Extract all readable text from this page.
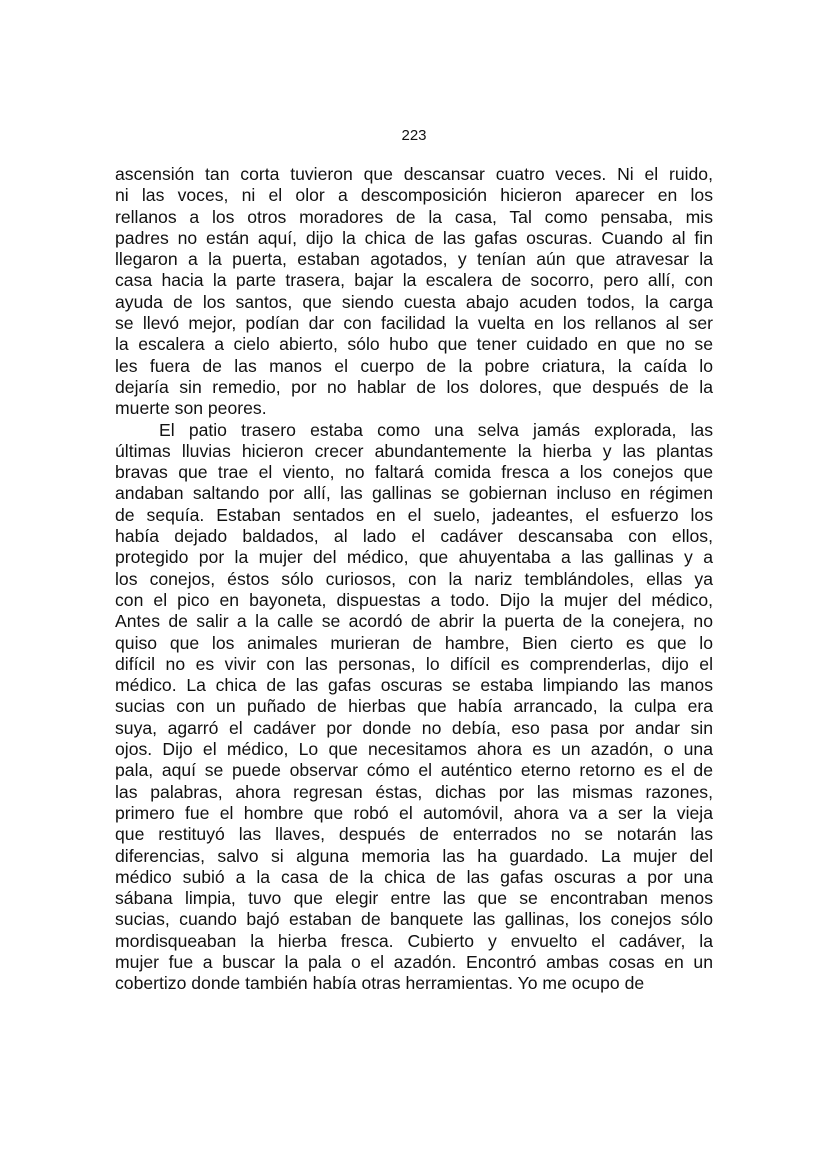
223
ascensión tan corta tuvieron que descansar cuatro veces. Ni el ruido,
ni las voces, ni el olor a descomposición hicieron aparecer en los
rellanos a los otros moradores de la casa, Tal como pensaba, mis
padres no están aquí, dijo la chica de las gafas oscuras. Cuando al fin
llegaron a la puerta, estaban agotados, y tenían aún que atravesar la
casa hacia la parte trasera, bajar la escalera de socorro, pero allí, con
ayuda de los santos, que siendo cuesta abajo acuden todos, la carga
se llevó mejor, podían dar con facilidad la vuelta en los rellanos al ser
la escalera a cielo abierto, sólo hubo que tener cuidado en que no se
les fuera de las manos el cuerpo de la pobre criatura, la caída lo
dejaría sin remedio, por no hablar de los dolores, que después de la
muerte son peores.
El patio trasero estaba como una selva jamás explorada, las
últimas lluvias hicieron crecer abundantemente la hierba y las plantas
bravas que trae el viento, no faltará comida fresca a los conejos que
andaban saltando por allí, las gallinas se gobiernan incluso en régimen
de sequía. Estaban sentados en el suelo, jadeantes, el esfuerzo los
había dejado baldados, al lado el cadáver descansaba con ellos,
protegido por la mujer del médico, que ahuyentaba a las gallinas y a
los conejos, éstos sólo curiosos, con la nariz temblándoles, ellas ya
con el pico en bayoneta, dispuestas a todo. Dijo la mujer del médico,
Antes de salir a la calle se acordó de abrir la puerta de la conejera, no
quiso que los animales murieran de hambre, Bien cierto es que lo
difícil no es vivir con las personas, lo difícil es comprenderlas, dijo el
médico. La chica de las gafas oscuras se estaba limpiando las manos
sucias con un puñado de hierbas que había arrancado, la culpa era
suya, agarró el cadáver por donde no debía, eso pasa por andar sin
ojos. Dijo el médico, Lo que necesitamos ahora es un azadón, o una
pala, aquí se puede observar cómo el auténtico eterno retorno es el de
las palabras, ahora regresan éstas, dichas por las mismas razones,
primero fue el hombre que robó el automóvil, ahora va a ser la vieja
que restituyó las llaves, después de enterrados no se notarán las
diferencias, salvo si alguna memoria las ha guardado. La mujer del
médico subió a la casa de la chica de las gafas oscuras a por una
sábana limpia, tuvo que elegir entre las que se encontraban menos
sucias, cuando bajó estaban de banquete las gallinas, los conejos sólo
mordisqueaban la hierba fresca. Cubierto y envuelto el cadáver, la
mujer fue a buscar la pala o el azadón. Encontró ambas cosas en un
cobertizo donde también había otras herramientas. Yo me ocupo de
